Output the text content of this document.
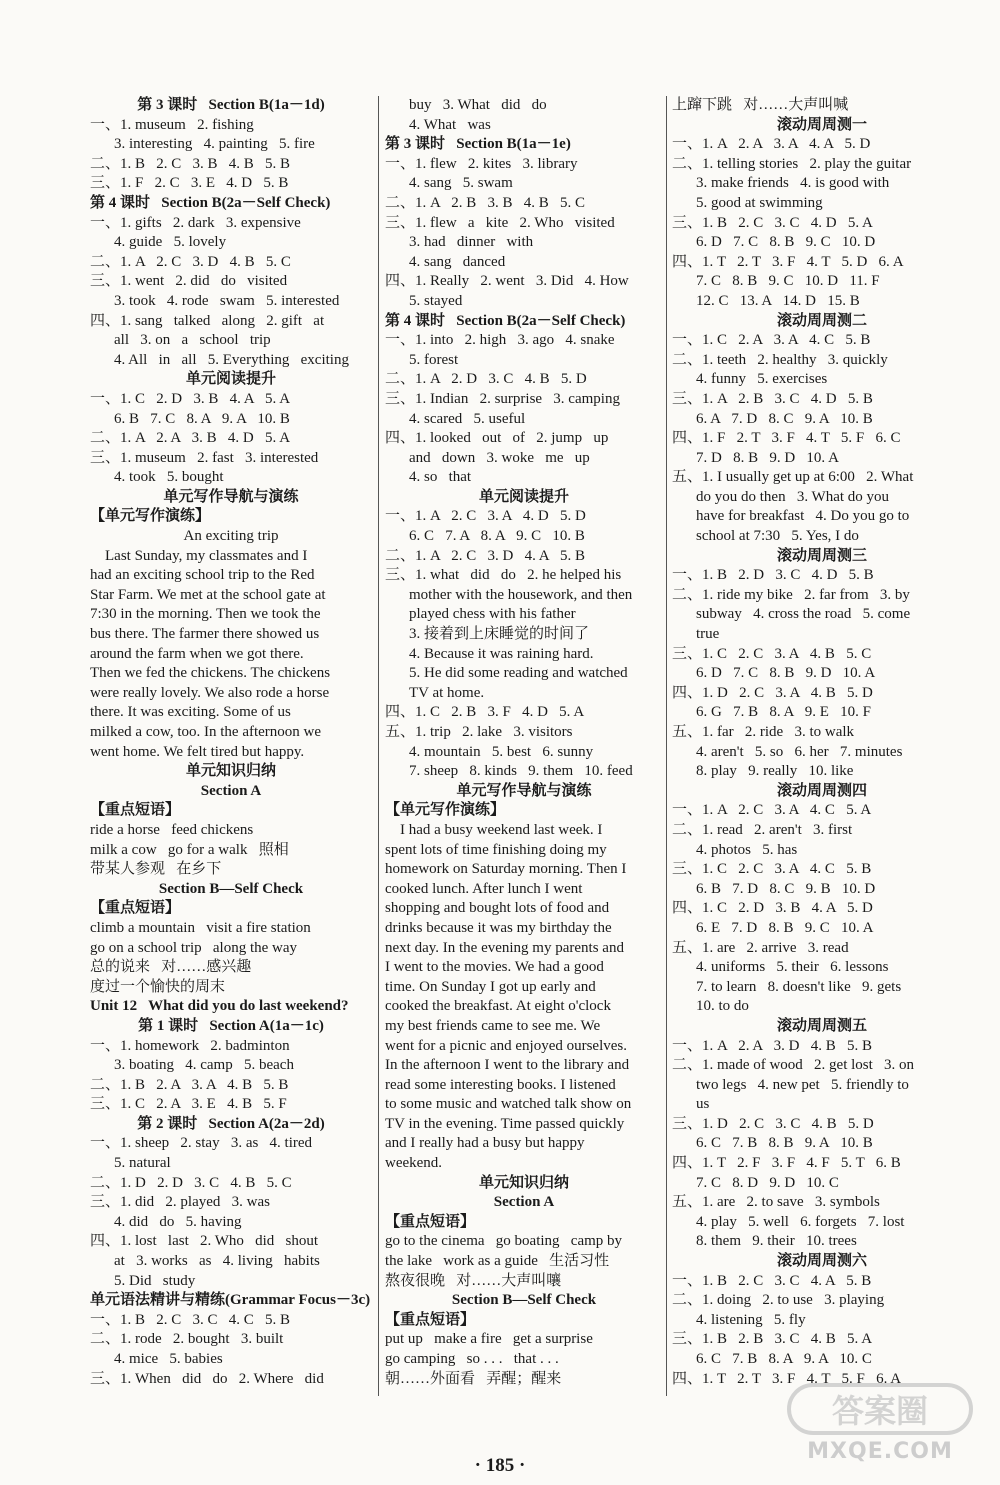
第 3 课时   Section B(1a－1d)
一、1. museum   2. fishing
3. interesting   4. painting   5. fire
二、1. B   2. C   3. B   4. B   5. B
三、1. F   2. C   3. E   4. D   5. B
第 4 课时   Section B(2a－Self Check)
一、1. gifts   2. dark   3. expensive
4. guide   5. lovely
二、1. A   2. C   3. D   4. B   5. C
三、1. went   2. did   do   visited
3. took   4. rode   swam   5. interested
四、1. sang   talked   along   2. gift   at
all   3. on   a   school   trip
4. All   in   all   5. Everything   exciting
单元阅读提升
一、1. C   2. D   3. B   4. A   5. A
6. B   7. C   8. A   9. A   10. B
二、1. A   2. A   3. B   4. D   5. A
三、1. museum   2. fast   3. interested
4. took   5. bought
单元写作导航与演练
【单元写作演练】
An exciting trip
Last Sunday, my classmates and I
had an exciting school trip to the Red
Star Farm. We met at the school gate at
7:30 in the morning. Then we took the
bus there. The farmer there showed us
around the farm when we got there.
Then we fed the chickens. The chickens
were really lovely. We also rode a horse
there. It was exciting. Some of us
milked a cow, too. In the afternoon we
went home. We felt tired but happy.
单元知识归纳
Section A
【重点短语】
ride a horse   feed chickens
milk a cow   go for a walk   照相
带某人参观   在乡下
Section B—Self Check
【重点短语】
climb a mountain   visit a fire station
go on a school trip   along the way
总的说来   对……感兴趣
度过一个愉快的周末
Unit 12   What did you do last weekend?
第 1 课时   Section A(1a－1c)
一、1. homework   2. badminton
3. boating   4. camp   5. beach
二、1. B   2. A   3. A   4. B   5. B
三、1. C   2. A   3. E   4. B   5. F
第 2 课时   Section A(2a－2d)
一、1. sheep   2. stay   3. as   4. tired
5. natural
二、1. D   2. D   3. C   4. B   5. C
三、1. did   2. played   3. was
4. did   do   5. having
四、1. lost   last   2. Who   did   shout
at   3. works   as   4. living   habits
5. Did   study
单元语法精讲与精练(Grammar Focus－3c)
一、1. B   2. C   3. C   4. C   5. B
二、1. rode   2. bought   3. built
4. mice   5. babies
三、1. When   did   do   2. Where   did
buy   3. What   did   do
4. What   was
第 3 课时   Section B(1a－1e)
一、1. flew   2. kites   3. library
4. sang   5. swam
二、1. A   2. B   3. B   4. B   5. C
三、1. flew   a   kite   2. Who   visited
3. had   dinner   with
4. sang   danced
四、1. Really   2. went   3. Did   4. How
5. stayed
第 4 课时   Section B(2a－Self Check)
一、1. into   2. high   3. ago   4. snake
5. forest
二、1. A   2. D   3. C   4. B   5. D
三、1. Indian   2. surprise   3. camping
4. scared   5. useful
四、1. looked   out   of   2. jump   up
and   down   3. woke   me   up
4. so   that
单元阅读提升
一、1. A   2. C   3. A   4. D   5. D
6. C   7. A   8. A   9. C   10. B
二、1. A   2. C   3. D   4. A   5. B
三、1. what   did   do   2. he helped his
mother with the housework, and then
played chess with his father
3. 接着到上床睡觉的时间了
4. Because it was raining hard.
5. He did some reading and watched
TV at home.
四、1. C   2. B   3. F   4. D   5. A
五、1. trip   2. lake   3. visitors
4. mountain   5. best   6. sunny
7. sheep   8. kinds   9. them   10. feed
单元写作导航与演练
【单元写作演练】
I had a busy weekend last week. I
spent lots of time finishing doing my
homework on Saturday morning. Then I
cooked lunch. After lunch I went
shopping and bought lots of food and
drinks because it was my birthday the
next day. In the evening my parents and
I went to the movies. We had a good
time. On Sunday I got up early and
cooked the breakfast. At eight o'clock
my best friends came to see me. We
went for a picnic and enjoyed ourselves.
In the afternoon I went to the library and
read some interesting books. I listened
to some music and watched talk show on
TV in the evening. Time passed quickly
and I really had a busy but happy
weekend.
单元知识归纳
Section A
【重点短语】
go to the cinema   go boating   camp by
the lake   work as a guide   生活习性
熬夜很晚   对……大声叫嚷
Section B—Self Check
【重点短语】
put up   make a fire   get a surprise
go camping   so . . .   that . . .
朝……外面看   弄醒；醒来
上蹿下跳   对……大声叫喊
滚动周周测一
一、1. A   2. A   3. A   4. A   5. D
二、1. telling stories   2. play the guitar
3. make friends   4. is good with
5. good at swimming
三、1. B   2. C   3. C   4. D   5. A
6. D   7. C   8. B   9. C   10. D
四、1. T   2. T   3. F   4. T   5. D   6. A
7. C   8. B   9. C   10. D   11. F
12. C   13. A   14. D   15. B
滚动周周测二
一、1. C   2. A   3. A   4. C   5. B
二、1. teeth   2. healthy   3. quickly
4. funny   5. exercises
三、1. A   2. B   3. C   4. D   5. B
6. A   7. D   8. C   9. A   10. B
四、1. F   2. T   3. F   4. T   5. F   6. C
7. D   8. B   9. D   10. A
五、1. I usually get up at 6:00   2. What
do you do then   3. What do you
have for breakfast   4. Do you go to
school at 7:30   5. Yes, I do
滚动周周测三
一、1. B   2. D   3. C   4. D   5. B
二、1. ride my bike   2. far from   3. by
subway   4. cross the road   5. come
true
三、1. C   2. C   3. A   4. B   5. C
6. D   7. C   8. B   9. D   10. A
四、1. D   2. C   3. A   4. B   5. D
6. G   7. B   8. A   9. E   10. F
五、1. far   2. ride   3. to walk
4. aren't   5. so   6. her   7. minutes
8. play   9. really   10. like
滚动周周测四
一、1. A   2. C   3. A   4. C   5. A
二、1. read   2. aren't   3. first
4. photos   5. has
三、1. C   2. C   3. A   4. C   5. B
6. B   7. D   8. C   9. B   10. D
四、1. C   2. D   3. B   4. A   5. D
6. E   7. D   8. B   9. C   10. A
五、1. are   2. arrive   3. read
4. uniforms   5. their   6. lessons
7. to learn   8. doesn't like   9. gets
10. to do
滚动周周测五
一、1. A   2. A   3. D   4. B   5. B
二、1. made of wood   2. get lost   3. on
two legs   4. new pet   5. friendly to
us
三、1. D   2. C   3. C   4. B   5. D
6. C   7. B   8. B   9. A   10. B
四、1. T   2. F   3. F   4. F   5. T   6. B
7. C   8. D   9. D   10. C
五、1. are   2. to save   3. symbols
4. play   5. well   6. forgets   7. lost
8. them   9. their   10. trees
滚动周周测六
一、1. B   2. C   3. C   4. A   5. B
二、1. doing   2. to use   3. playing
4. listening   5. fly
三、1. B   2. B   3. C   4. B   5. A
6. C   7. B   8. A   9. A   10. C
四、1. T   2. T   3. F   4. T   5. F   6. A
· 185 ·
答案圈
MXQE.COM
